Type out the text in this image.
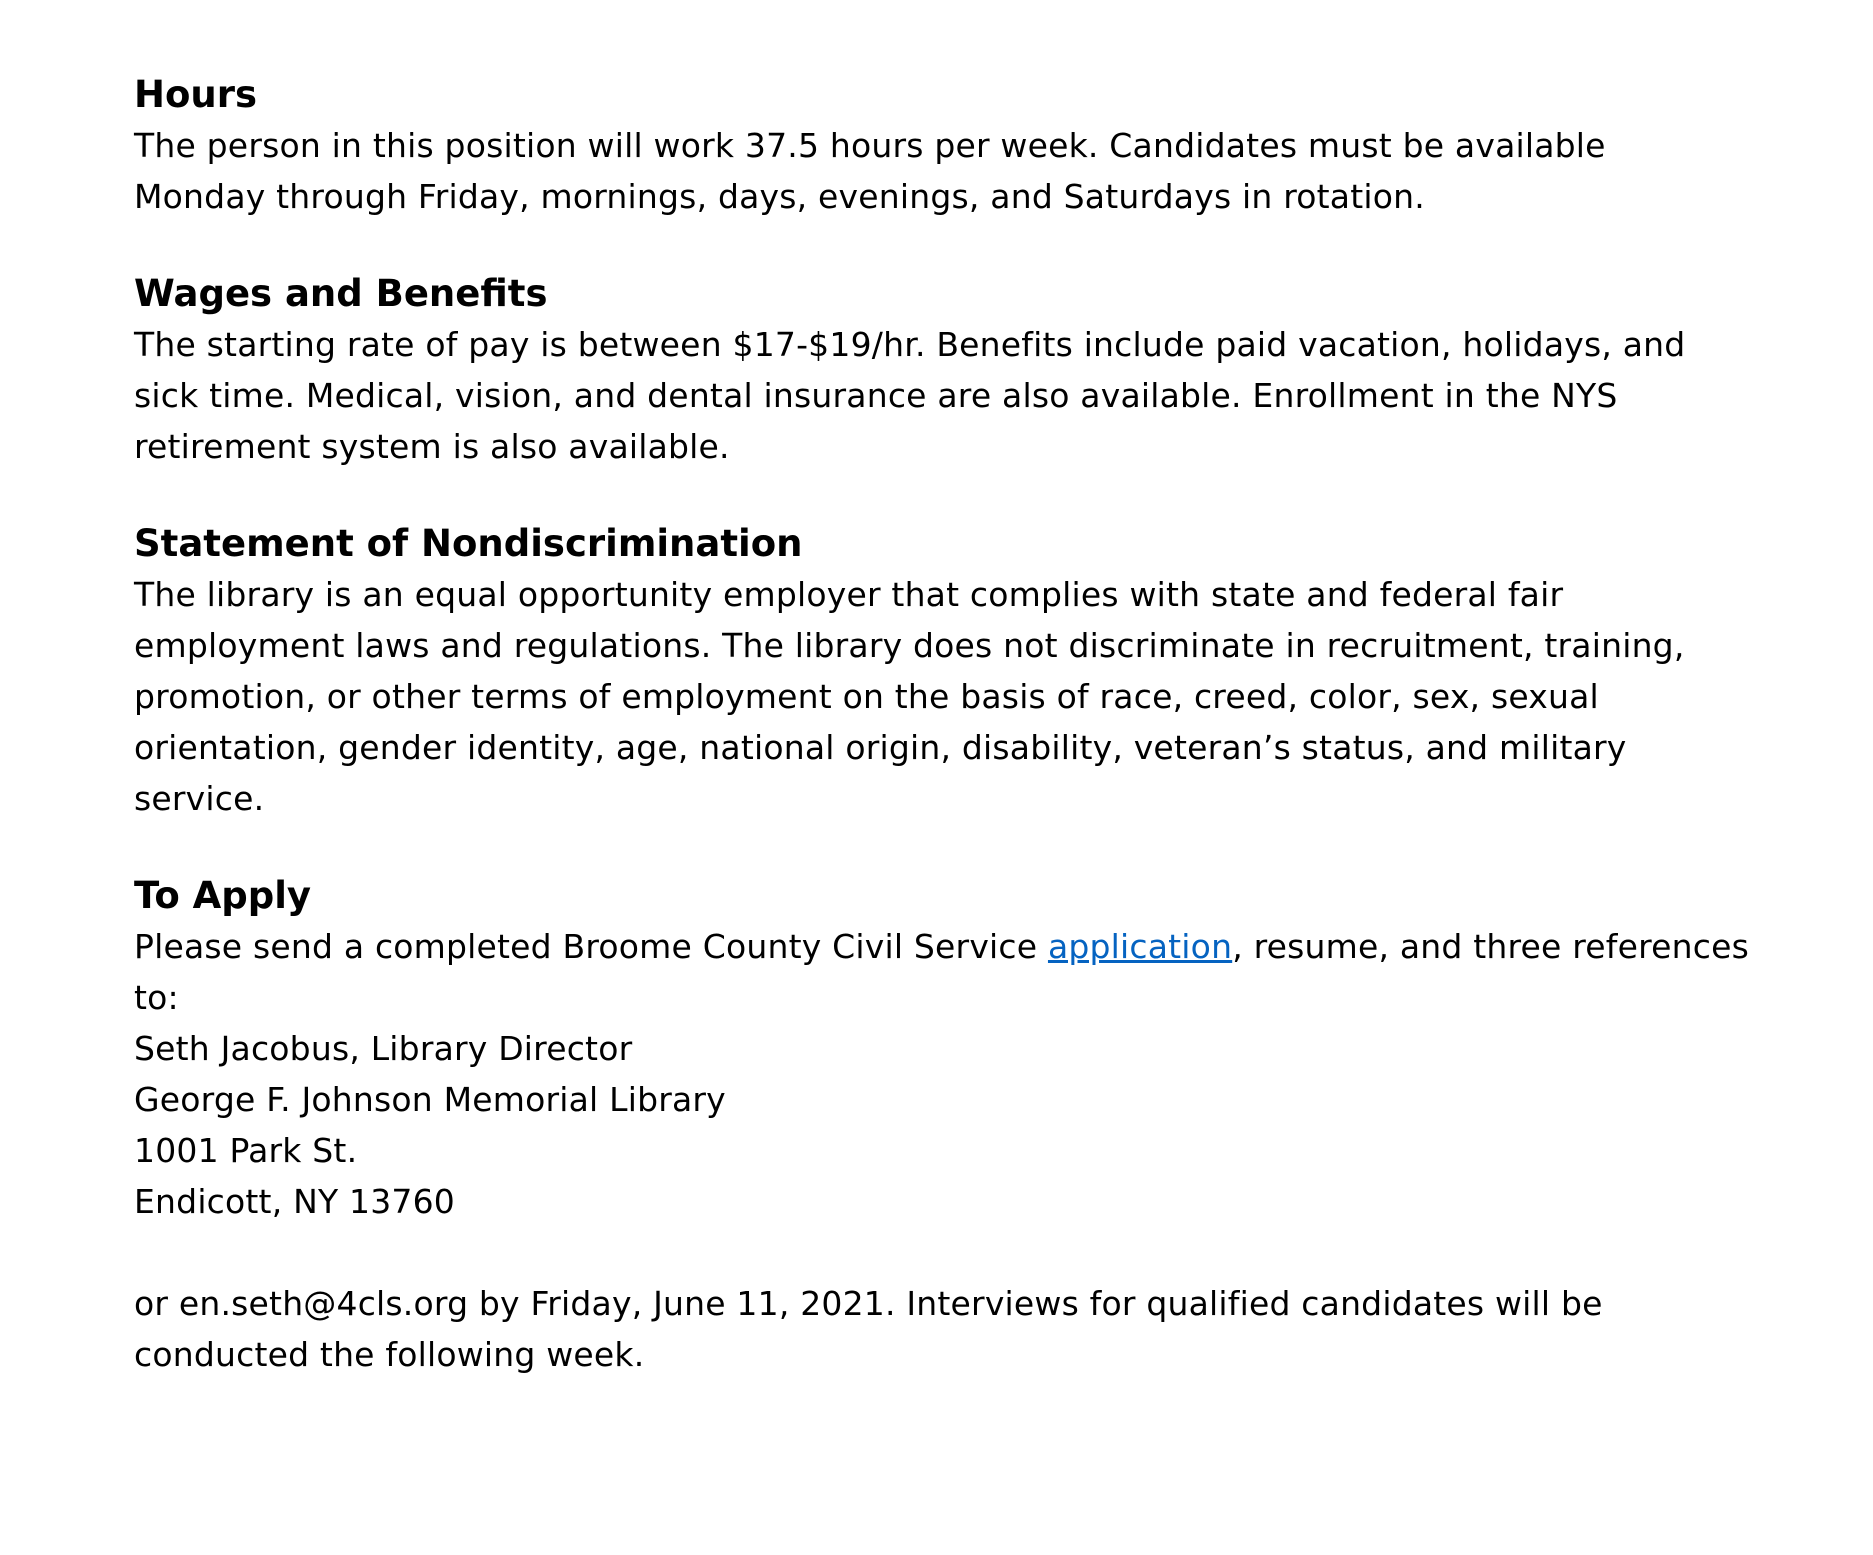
Hours

The person in this position will work 37.5 hours per week. Candidates must be available
Monday through Friday, mornings, days, evenings, and Saturdays in rotation.

Wages and Benefits

The starting rate of pay is between $17-$19/hr. Benefits include paid vacation, holidays, and
sick time. Medical, vision, and dental insurance are also available. Enrollment in the NYS
retirement system is also available.

Statement of Nondiscrimination

The library is an equal opportunity employer that complies with state and federal fair
employment laws and regulations. The library does not discriminate in recruitment, training,
promotion, or other terms of employment on the basis of race, creed, color, sex, sexual
orientation, gender identity, age, national origin, disability, veteran’s status, and military
service.

To Apply

Please send a completed Broome County Civil Service application, resume, and three references
to:
Seth Jacobus, Library Director
George F. Johnson Memorial Library
1001 Park St.
Endicott, NY 13760

or en.seth@4cls.org by Friday, June 11, 2021. Interviews for qualified candidates will be
conducted the following week.
